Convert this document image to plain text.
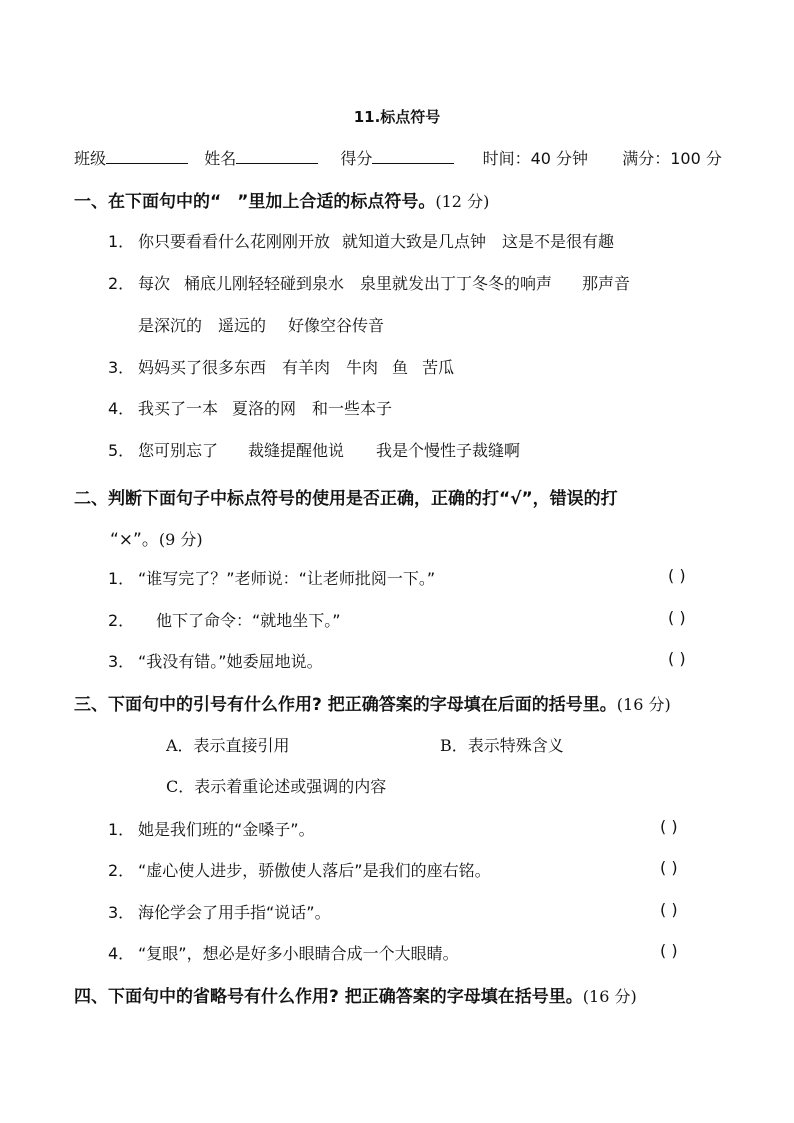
11.标点符号
班级	姓名	得分	时间：40 分钟 满分：100 分
一、在下面句中的“ ”里加上合适的标点符号。(12 分)
1． 你只要看看什么花刚刚开放 就知道大致是几点钟 这是不是很有趣
2． 每次 桶底儿刚轻轻碰到泉水 泉里就发出丁丁冬冬的响声 那声音
是深沉的 遥远的 好像空谷传音
3． 妈妈买了很多东西 有羊肉 牛肉 鱼 苦瓜
4． 我买了一本 夏洛的网 和一些本子
5． 您可别忘了 裁缝提醒他说 我是个慢性子裁缝啊
二、判断下面句子中标点符号的使用是否正确，正确的打“√”，错误的打
“×”。(9 分)
1． “谁写完了？”老师说：“让老师批阅一下。”	( )
2． 他下了命令：“就地坐下。”	( )
3． “我没有错。”她委屈地说。	( )
三、下面句中的引号有什么作用? 把正确答案的字母填在后面的括号里。(16 分)
A．表示直接引用	B．表示特殊含义
C．表示着重论述或强调的内容
1． 她是我们班的“金嗓子”。	( )
2． “虚心使人进步，骄傲使人落后”是我们的座右铭。	( )
3． 海伦学会了用手指“说话”。	( )
4． “复眼”，想必是好多小眼睛合成一个大眼睛。	( )
四、下面句中的省略号有什么作用? 把正确答案的字母填在括号里。(16 分)
